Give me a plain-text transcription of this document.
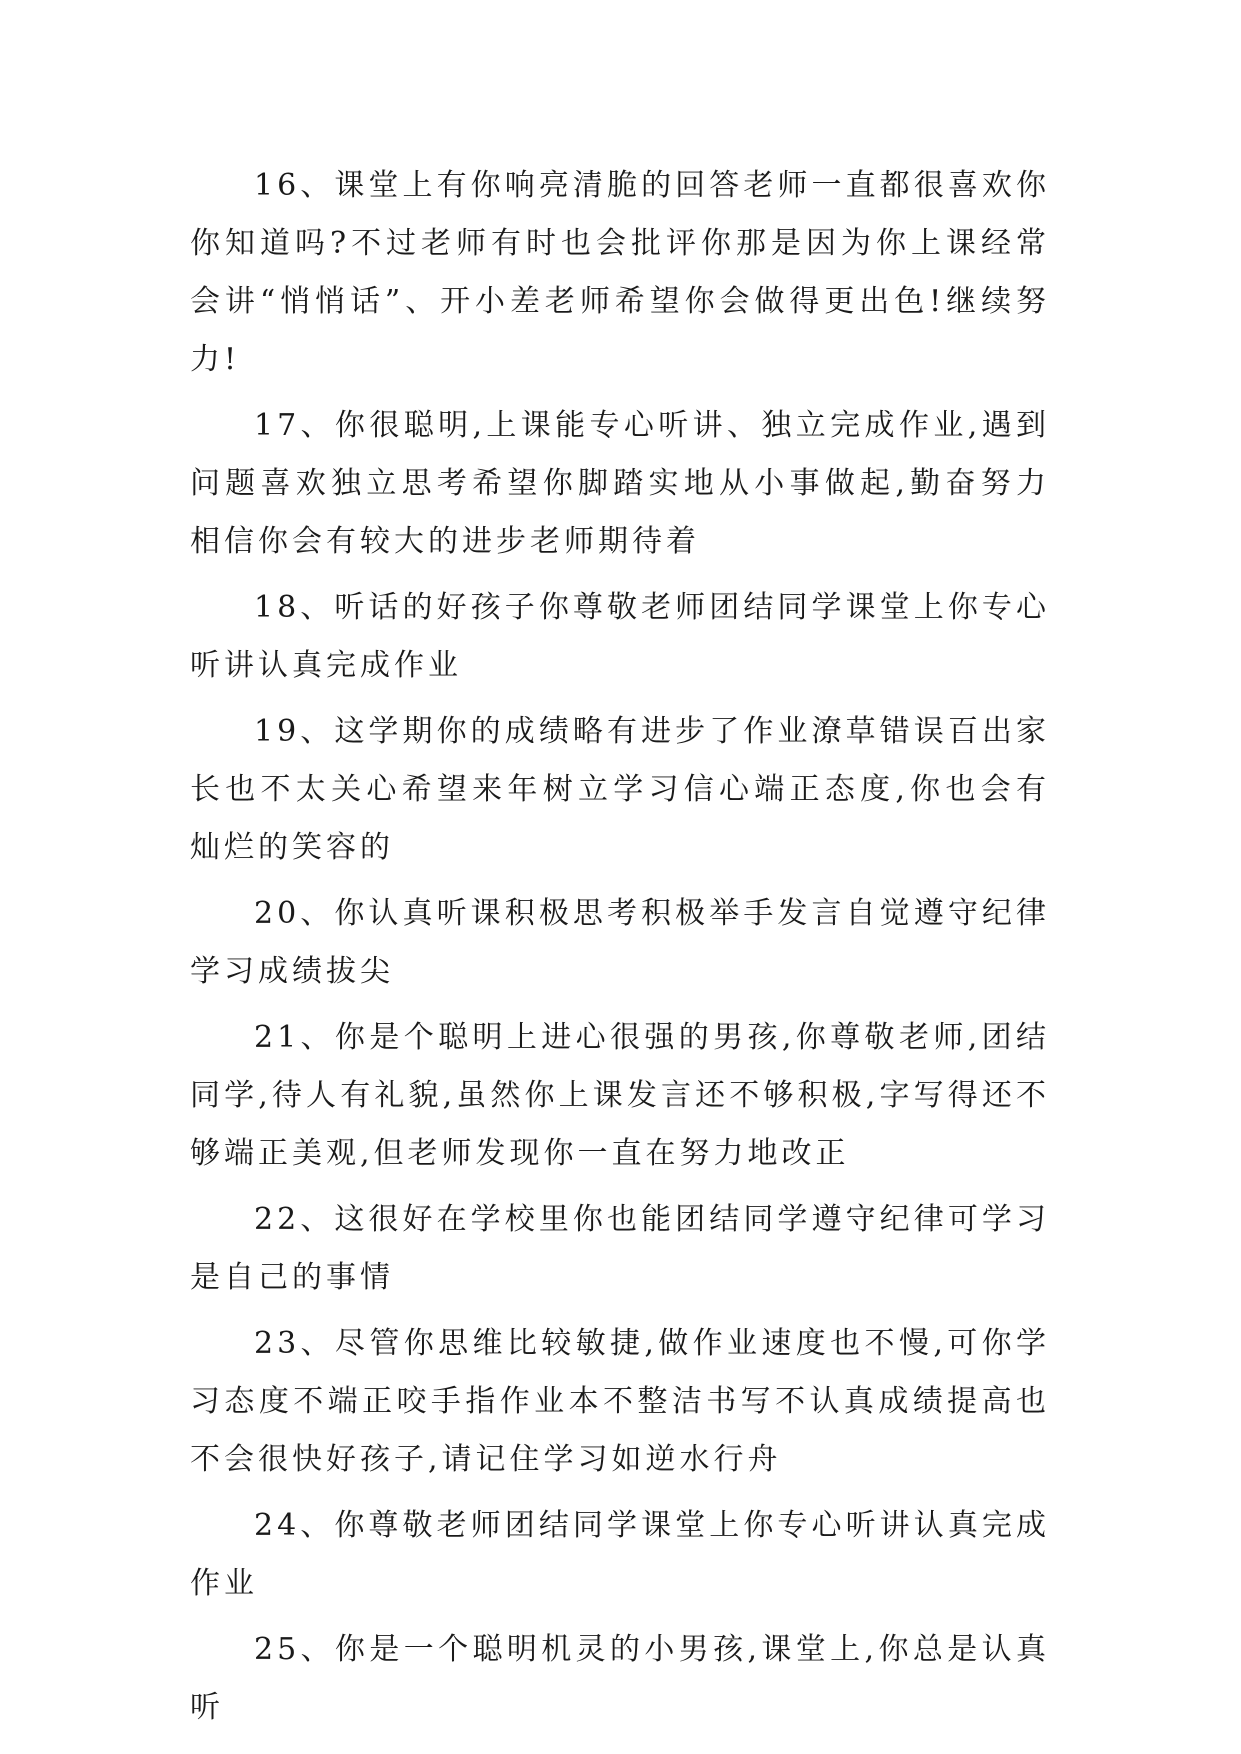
16、课堂上有你响亮清脆的回答老师一直都很喜欢你你知道吗?不过老师有时也会批评你那是因为你上课经常会讲“悄悄话”、开小差老师希望你会做得更出色!继续努力!

17、你很聪明,上课能专心听讲、独立完成作业,遇到问题喜欢独立思考希望你脚踏实地从小事做起,勤奋努力相信你会有较大的进步老师期待着

18、听话的好孩子你尊敬老师团结同学课堂上你专心听讲认真完成作业

19、这学期你的成绩略有进步了作业潦草错误百出家长也不太关心希望来年树立学习信心端正态度,你也会有灿烂的笑容的

20、你认真听课积极思考积极举手发言自觉遵守纪律学习成绩拔尖

21、你是个聪明上进心很强的男孩,你尊敬老师,团结同学,待人有礼貌,虽然你上课发言还不够积极,字写得还不够端正美观,但老师发现你一直在努力地改正

22、这很好在学校里你也能团结同学遵守纪律可学习是自己的事情

23、尽管你思维比较敏捷,做作业速度也不慢,可你学习态度不端正咬手指作业本不整洁书写不认真成绩提高也不会很快好孩子,请记住学习如逆水行舟

24、你尊敬老师团结同学课堂上你专心听讲认真完成作业

25、你是一个聪明机灵的小男孩,课堂上,你总是认真听
